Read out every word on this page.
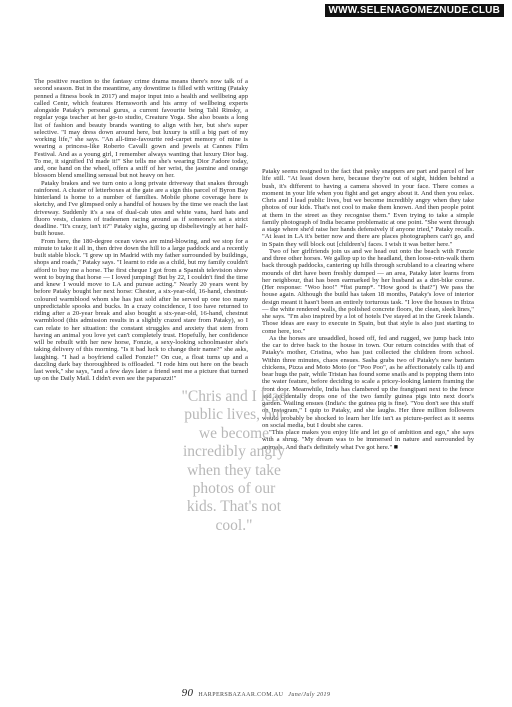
WWW.SELENAGOMEZNUDE.CLUB

The positive reaction to the fantasy crime drama means there's now talk of a second season. But in the meantime, any downtime is filled with writing (Pataky penned a fitness book in 2017) and major input into a health and wellbeing app called Centr, which features Hemsworth and his army of wellbeing experts alongside Pataky's personal gurus, a current favourite being Tahl Rinsky, a regular yoga teacher at her go-to studio, Creature Yoga. She also boasts a long list of fashion and beauty brands wanting to align with her, but she's super selective. "I may dress down around here, but luxury is still a big part of my working life," she says. "An all-time-favourite red-carpet memory of mine is wearing a princess-like Roberto Cavalli gown and jewels at Cannes Film Festival. And as a young girl, I remember always wanting that luxury Dior bag. To me, it signified I'd made it!" She tells me she's wearing Dior J'adore today, and, one hand on the wheel, offers a sniff of her wrist, the jasmine and orange blossom blend smelling sensual but not heavy on her.

Pataky brakes and we turn onto a long private driveway that snakes through rainforest. A cluster of letterboxes at the gate are a sign this parcel of Byron Bay hinterland is home to a number of families. Mobile phone coverage here is sketchy, and I've glimpsed only a handful of houses by the time we reach the last driveway. Suddenly it's a sea of dual-cab utes and white vans, hard hats and fluoro vests, clusters of tradesmen racing around as if someone's set a strict deadline. "It's crazy, isn't it?" Pataky sighs, gazing up disbelievingly at her half-built house.

From here, the 180-degree ocean views are mind-blowing, and we stop for a minute to take it all in, then drive down the hill to a large paddock and a recently built stable block. "I grew up in Madrid with my father surrounded by buildings, shops and roads," Pataky says. "I learnt to ride as a child, but my family couldn't afford to buy me a horse. The first cheque I got from a Spanish television show went to buying that horse — I loved jumping! But by 22, I couldn't find the time and knew I would move to LA and pursue acting." Nearly 20 years went by before Pataky bought her next horse: Chester, a six-year-old, 16-hand, chestnut-coloured warmblood whom she has just sold after he served up one too many unpredictable spooks and bucks. In a crazy coincidence, I too have returned to riding after a 20-year break and also bought a six-year-old, 16-hand, chestnut warmblood (this admission results in a slightly crazed stare from Pataky), so I can relate to her situation: the constant struggles and anxiety that stem from having an animal you love yet can't completely trust. Hopefully, her confidence will be rebuilt with her new horse, Fonzie, a sexy-looking schoolmaster she's taking delivery of this morning. "Is it bad luck to change their name?" she asks, laughing. "I had a boyfriend called Fonzie!" On cue, a float turns up and a dazzling dark bay thoroughbred is offloaded. "I rode him out here on the beach last week," she says, "and a few days later a friend sent me a picture that turned up on the Daily Mail. I didn't even see the paparazzi!"

Pataky seems resigned to the fact that pesky snappers are part and parcel of her life still. "At least down here, because they're out of sight, hidden behind a bush, it's different to having a camera shoved in your face. There comes a moment in your life when you fight and get angry about it. And then you relax. Chris and I lead public lives, but we become incredibly angry when they take photos of our kids. That's not cool to make them known. And then people point at them in the street as they recognise them." Even trying to take a simple family photograph of India became problematic at one point. "She went through a stage where she'd raise her hands defensively if anyone tried," Pataky recalls. "At least in LA it's better now and there are places photographers can't go, and in Spain they will block out [children's] faces. I wish it was better here."

Two of her girlfriends join us and we head out onto the beach with Fonzie and three other horses. We gallop up to the headland, then loose-rein-walk them back through paddocks, cantering up hills through scrubland to a clearing where mounds of dirt have been freshly dumped — an area, Pataky later learns from her neighbour, that has been earmarked by her husband as a dirt-bike course. (Her response: "Woo hoo!" *fist pump*. "How good is that?") We pass the house again. Although the build has taken 18 months, Pataky's love of interior design meant it hasn't been an entirely torturous task. "I love the houses in Ibiza — the white rendered walls, the polished concrete floors, the clean, sleek lines," she says. "I'm also inspired by a lot of hotels I've stayed at in the Greek Islands. Those ideas are easy to execute in Spain, but that style is also just starting to come here, too."

As the horses are unsaddled, hosed off, fed and rugged, we jump back into the car to drive back to the house in town. Our return coincides with that of Pataky's mother, Cristina, who has just collected the children from school. Within three minutes, chaos ensues. Sasha grabs two of Pataky's new bantam chickens, Pizza and Moto Moto (or "Poo Poo", as he affectionately calls it) and bear hugs the pair, while Tristan has found some snails and is popping them into the water feature, before deciding to scale a pricey-looking lantern framing the front door. Meanwhile, India has clambered up the frangipani next to the fence and accidentally drops one of the two family guinea pigs into next door's garden. Wailing ensues (India's: the guinea pig is fine). "You don't see this stuff on Instagram," I quip to Pataky, and she laughs. Her three million followers would probably be shocked to learn her life isn't as picture-perfect as it seems on social media, but I doubt she cares.

"This place makes you enjoy life and let go of ambition and ego," she says with a shrug. "My dream was to be immersed in nature and surrounded by animals. And that's definitely what I've got here." ■

"Chris and I lead public lives, but we become incredibly angry when they take photos of our kids. That's not cool."
90 HARPERSBAZAAR.COM.AU June/July 2019
